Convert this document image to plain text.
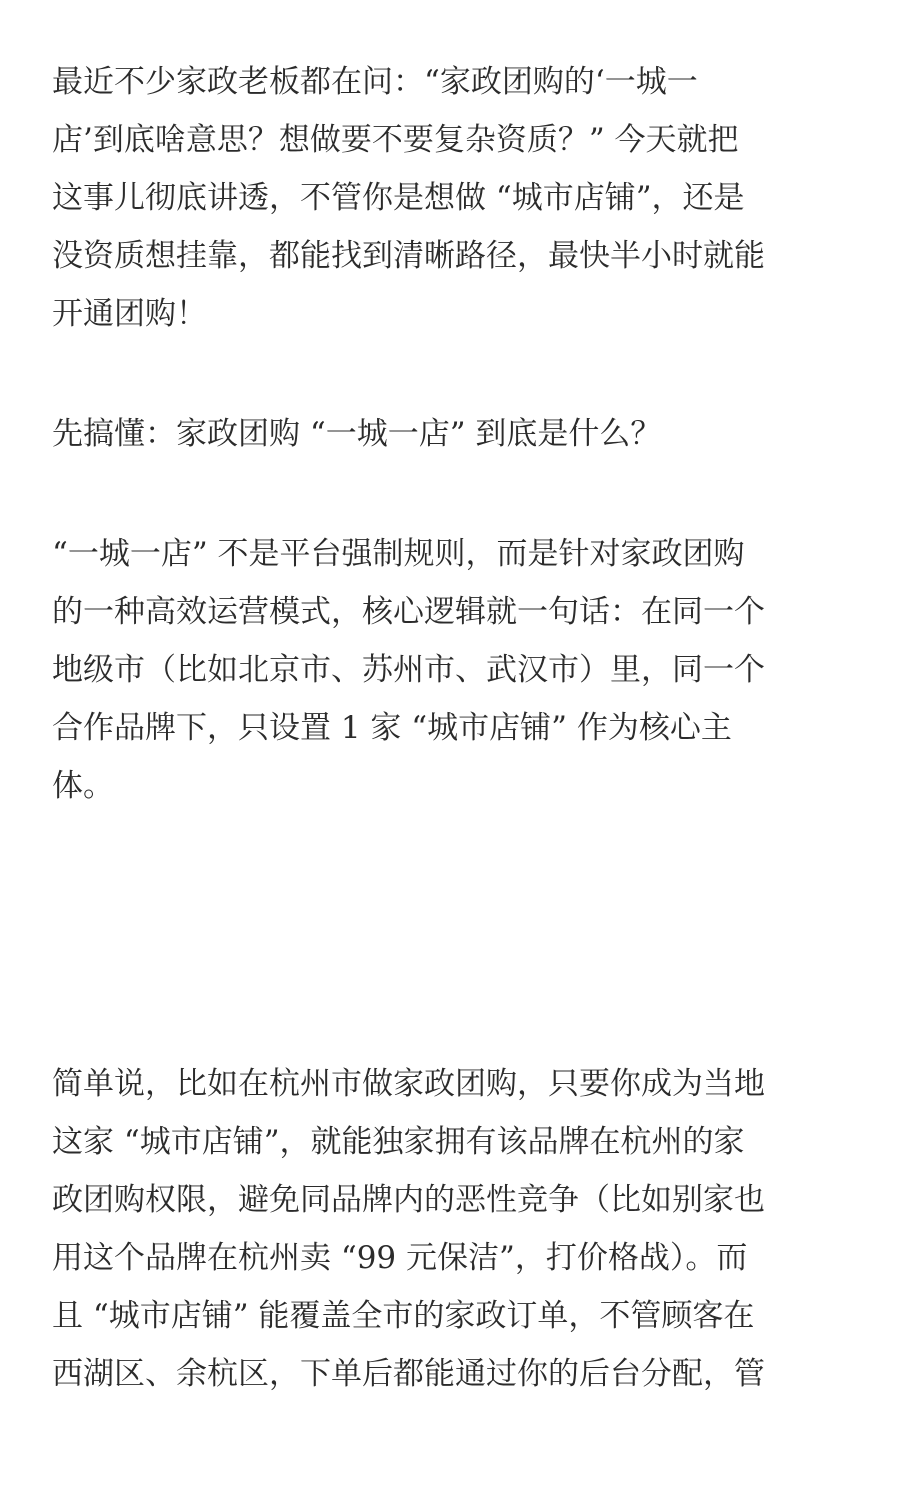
最近不少家政老板都在问：“家政团购的‘一城一

店’到底啥意思？想做要不要复杂资质？” 今天就把

这事儿彻底讲透，不管你是想做 “城市店铺”，还是

没资质想挂靠，都能找到清晰路径，最快半小时就能

开通团购！

先搞懂：家政团购 “一城一店” 到底是什么？

“一城一店” 不是平台强制规则，而是针对家政团购

的一种高效运营模式，核心逻辑就一句话：在同一个

地级市（比如北京市、苏州市、武汉市）里，同一个

合作品牌下，只设置 1 家 “城市店铺” 作为核心主

体。

简单说，比如在杭州市做家政团购，只要你成为当地

这家 “城市店铺”，就能独家拥有该品牌在杭州的家

政团购权限，避免同品牌内的恶性竞争（比如别家也

用这个品牌在杭州卖 “99 元保洁”，打价格战）。而

且 “城市店铺” 能覆盖全市的家政订单，不管顾客在

西湖区、余杭区，下单后都能通过你的后台分配，管
